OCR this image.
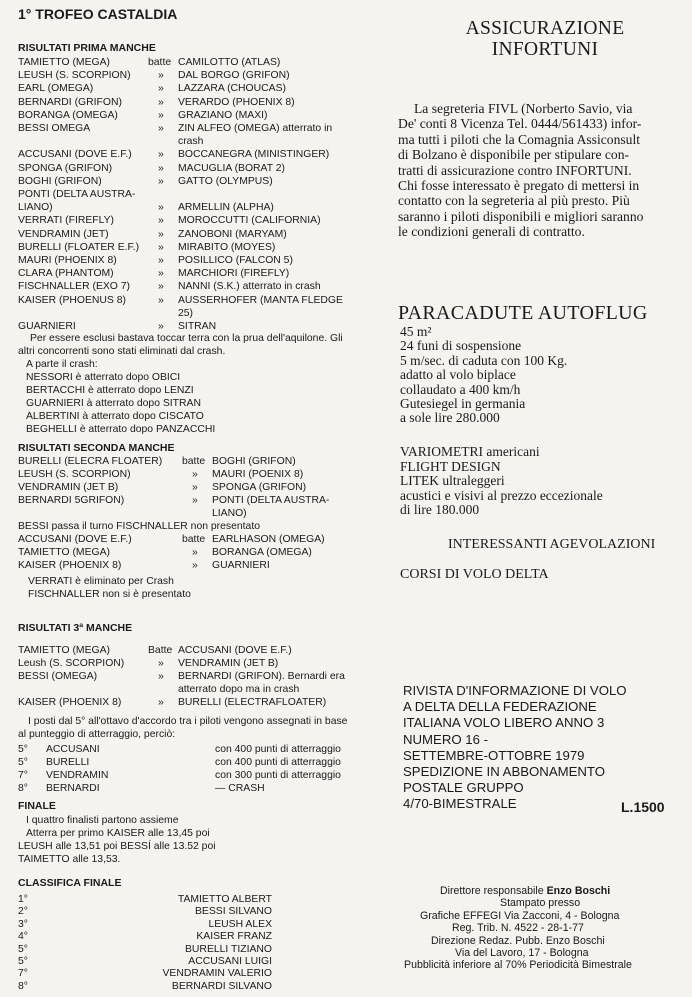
1° TROFEO CASTALDIA
RISULTATI PRIMA MANCHE
TAMIETTO (MEGA)	batte CAMILOTTO (ATLAS)
LEUSH (S. SCORPION)	» DAL BORGO (GRIFON)
EARL (OMEGA)	» LAZZARA (CHOUCAS)
BERNARDI (GRIFON)	» VERARDO (PHOENIX 8)
BORANGA (OMEGA)	» GRAZIANO (MAXI)
BESSI OMEGA	» ZIN ALFEO (OMEGA) atterrato in
crash
ACCUSANI (DOVE E.F.)	» BOCCANEGRA (MINISTINGER)
SPONGA (GRIFON)	» MACUGLIA (BORAT 2)
BOGHI (GRIFON)	» GATTO (OLYMPUS)
PONTI (DELTA AUSTRA-
LIANO)	» ARMELLIN (ALPHA)
VERRATI (FIREFLY)	» MOROCCUTTI (CALIFORNIA)
VENDRAMIN (JET)	» ZANOBONI (MARYAM)
BURELLI (FLOATER E.F.) » MIRABITO (MOYES)
MAURI (PHOENIX 8)	» POSILLICO (FALCON 5)
CLARA (PHANTOM)	» MARCHIORI (FIREFLY)
FISCHNALLER (EXO 7)	» NANNI (S.K.) atterrato in crash
KAISER (PHOENUS 8)	» AUSSERHOFER (MANTA FLEDGE
25)
GUARNIERI	» SITRAN
Per essere esclusi bastava toccar terra con la prua dell'aquilone. Gli
altri concorrenti sono stati eliminati dal crash.
A parte il crash:
NESSORI è atterrato dopo OBICI
BERTACCHI è atterrato dopo LENZI
GUARNIERI à atterrato dopo SITRAN
ALBERTINI à atterrato dopo CISCATO
BEGHELLI è atterrato dopo PANZACCHI
RISULTATI SECONDA MANCHE
BURELLI (ELECRA FLOATER) batte BOGHI (GRIFON)
LEUSH (S. SCORPION)	» MAURI (POENIX 8)
VENDRAMIN (JET B)	» SPONGA (GRIFON)
BERNARDI 5GRIFON)	» PONTI (DELTA AUSTRA-
LIANO)
BESSI passa il turno FISCHNALLER non presentato
ACCUSANI (DOVE E.F.)	batte EARLHASON (OMEGA)
TAMIETTO (MEGA)	» BORANGA (OMEGA)
KAISER (PHOENIX 8)	» GUARNIERI
VERRATI è eliminato per Crash
FISCHNALLER non si è presentato
RISULTATI 3ª MANCHE
TAMIETTO (MEGA)	Batte ACCUSANI (DOVE E.F.)
Leush (S. SCORPION)	» VENDRAMIN (JET B)
BESSI (OMEGA)	» BERNARDI (GRIFON). Bernardi era
atterrato dopo ma in crash
KAISER (PHOENIX 8)	» BURELLI (ELECTRAFLOATER)
I posti dal 5° all'ottavo d'accordo tra i piloti vengono assegnati in base
al punteggio di atterraggio, perciò:
5° ACCUSANI	con 400 punti di atterraggio
5° BURELLI	con 400 punti di atterraggio
7° VENDRAMIN	con 300 punti di atterraggio
8° BERNARDI	— CRASH
FINALE
I quattro finalisti partono assieme
Atterra per primo KAISER alle 13,45 poi
LEUSH alle 13,51 poi BESSÍ alle 13.52 poi
TAIMETTO alle 13,53.
CLASSIFICA FINALE
1°	TAMIETTO ALBERT
2°	BESSI SILVANO
3°	LEUSH ALEX
4°	KAISER FRANZ
5°	BURELLI TIZIANO
5°	ACCUSANI LUIGI
7°	VENDRAMIN VALERIO
8°	BERNARDI SILVANO
ASSICURAZIONE
INFORTUNI
La segreteria FIVL (Norberto Savio, via
De' conti 8 Vicenza Tel. 0444/561433) infor-
ma tutti i piloti che la Comagnia Assiconsult
di Bolzano è disponibile per stipulare con-
tratti di assicurazione contro INFORTUNI.
Chi fosse interessato è pregato di mettersi in
contatto con la segreteria al più presto. Più
saranno i piloti disponibili e migliori saranno
le condizioni generali di contratto.
PARACADUTE AUTOFLUG
45 m²
24 funi di sospensione
5 m/sec. di caduta con 100 Kg.
adatto al volo biplace
collaudato a 400 km/h
Gutesiegel in germania
a sole lire 280.000
VARIOMETRI americani
FLIGHT DESIGN
LITEK ultraleggeri
acustici e visivi al prezzo eccezionale
di lire 180.000
INTERESSANTI AGEVOLAZIONI
CORSI DI VOLO DELTA
RIVISTA D'INFORMAZIONE DI VOLO
A DELTA DELLA FEDERAZIONE
ITALIANA VOLO LIBERO ANNO 3
NUMERO 16 -
SETTEMBRE-OTTOBRE 1979
SPEDIZIONE IN ABBONAMENTO
POSTALE GRUPPO
4/70-BIMESTRALE	L.1500
Direttore responsabile Enzo Boschi
Stampato presso
Grafiche EFFEGI Via Zacconi, 4 - Bologna
Reg. Trib. N. 4522 - 28-1-77
Direzione Redaz. Pubb. Enzo Boschi
Via del Lavoro, 17 - Bologna
Pubblicità inferiore al 70% Periodicità Bimestrale
